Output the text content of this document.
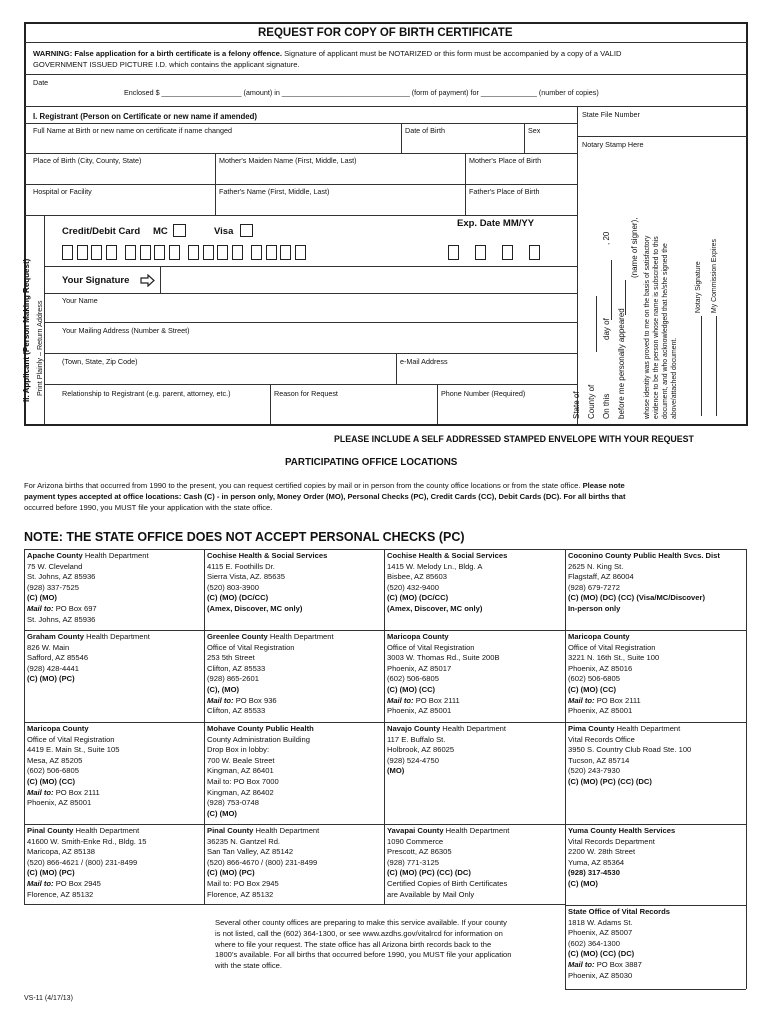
REQUEST FOR COPY OF BIRTH CERTIFICATE
WARNING: False application for a birth certificate is a felony offence. Signature of applicant must be NOTARIZED or this form must be accompanied by a copy of a VALID
GOVERNMENT ISSUED PICTURE I.D. which contains the applicant signature.
Date
Enclosed $ ____________________ (amount) in ________________________________ (form of payment) for ______________ (number of copies)
I. Registrant (Person on Certificate or new name if amended)	State File Number
Notary Stamp Here
Full Name at Birth or new name on certificate if name changed	Date of Birth	Sex
Place of Birth (City, County, State)	Mother's Maiden Name (First, Middle, Last)	Mother's Place of Birth
Hospital or Facility	Father's Name (First, Middle, Last)	Father's Place of Birth
II. Applicant (Person Making Request) Print Plainly – Return Address
Credit/Debit Card MC	Visa
Exp. Date MM/YY
Your Signature
Your Name
Your Mailing Address (Number & Street)
(Town, State, Zip Code)	e-Mail Address
Relationship to Registrant (e.g. parent, attorney, etc.)	Reason for Request	Phone Number (Required)	State of County of On this
day of
, 20
before me personally appeared
(name of signer), whose identity was proved to me on the basis of satisfactory evidence to be the person whose name is subscribed to this document, and who acknowledged that he/she signed the above/attached document.
Notary Signature My Commission Expires
PLEASE INCLUDE A SELF ADDRESSED STAMPED ENVELOPE WITH YOUR REQUEST
PARTICIPATING OFFICE LOCATIONS
For Arizona births that occurred from 1990 to the present, you can request certified copies by mail or in person from the county office locations or from the state office. Please note
payment types accepted at office locations: Cash (C) - in person only, Money Order (MO), Personal Checks (PC), Credit Cards (CC), Debit Cards (DC). For all births that
occurred before 1990, you MUST file your application with the state office.
NOTE: THE STATE OFFICE DOES NOT ACCEPT PERSONAL CHECKS (PC)
Apache County Health Department
75 W. Cleveland
St. Johns, AZ 85936
(928) 337-7525
(C) (MO)
Mail to: PO Box 697
St. Johns, AZ 85936
Cochise Health & Social Services
4115 E. Foothills Dr.
Sierra Vista, AZ. 85635
(520) 803-3900
(C) (MO) (DC/CC)
(Amex, Discover, MC only)
Cochise Health & Social Services
1415 W. Melody Ln., Bldg. A
Bisbee, AZ 85603
(520) 432-9400
(C) (MO) (DC/CC)
(Amex, Discover, MC only)
Coconino County Public Health Svcs. Dist
2625 N. King St.
Flagstaff, AZ 86004
(928) 679-7272
(C) (MO) (DC) (CC) (Visa/MC/Discover)
In-person only
Graham County Health Department
826 W. Main
Safford, AZ 85546
(928) 428-4441
(C) (MO) (PC)
Greenlee County Health Department
Office of Vital Registration
253 5th Street
Clifton, AZ 85533
(928) 865-2601
(C), (MO)
Mail to: PO Box 936
Clifton, AZ 85533
Maricopa County
Office of Vital Registration
3003 W. Thomas Rd., Suite 200B
Phoenix, AZ 85017
(602) 506-6805
(C) (MO) (CC)
Mail to: PO Box 2111
Phoenix, AZ 85001
Maricopa County
Office of Vital Registration
3221 N. 16th St., Suite 100
Phoenix, AZ 85016
(602) 506-6805
(C) (MO) (CC)
Mail to: PO Box 2111
Phoenix, AZ 85001
Maricopa County
Office of Vital Registration
4419 E. Main St., Suite 105
Mesa, AZ 85205
(602) 506-6805
(C) (MO) (CC)
Mail to: PO Box 2111
Phoenix, AZ 85001
Mohave County Public Health
County Administration Building
Drop Box in lobby:
700 W. Beale Street
Kingman, AZ 86401
Mail to: PO Box 7000
Kingman, AZ 86402
(928) 753-0748
(C) (MO)
Navajo County Health Department
117 E. Buffalo St.
Holbrook, AZ 86025
(928) 524-4750
(MO)
Pima County Health Department
Vital Records Office
3950 S. Country Club Road Ste. 100
Tucson, AZ 85714
(520) 243-7930
(C) (MO) (PC) (CC) (DC)
Pinal County Health Department
41600 W. Smith-Enke Rd., Bldg. 15
Maricopa, AZ 85138
(520) 866-4621 / (800) 231-8499
(C) (MO) (PC)
Mail to: PO Box 2945
Florence, AZ 85132
Pinal County Health Department
36235 N. Gantzel Rd.
San Tan Valley, AZ 85142
(520) 866-4670 / (800) 231-8499
(C) (MO) (PC)
Mail to: PO Box 2945
Florence, AZ 85132
Yavapai County Health Department
1090 Commerce
Prescott, AZ 86305
(928) 771-3125
(C) (MO) (PC) (CC) (DC)
Certified Copies of Birth Certificates
are Available by Mail Only
Yuma County Health Services
Vital Records Department
2200 W. 28th Street
Yuma, AZ 85364
(928) 317-4530
(C) (MO)
State Office of Vital Records
1818 W. Adams St.
Phoenix, AZ 85007
(602) 364-1300
(C) (MO) (CC) (DC)
Mail to: PO Box 3887
Phoenix, AZ 85030
Several other county offices are preparing to make this service available. If your county
is not listed, call the (602) 364-1300, or see www.azdhs.gov/vitalrcd for information on
where to file your request. The state office has all Arizona birth records back to the
1800’s available. For all births that occurred before 1990, you MUST file your application
with the state office.
VS-11 (4/17/13)
